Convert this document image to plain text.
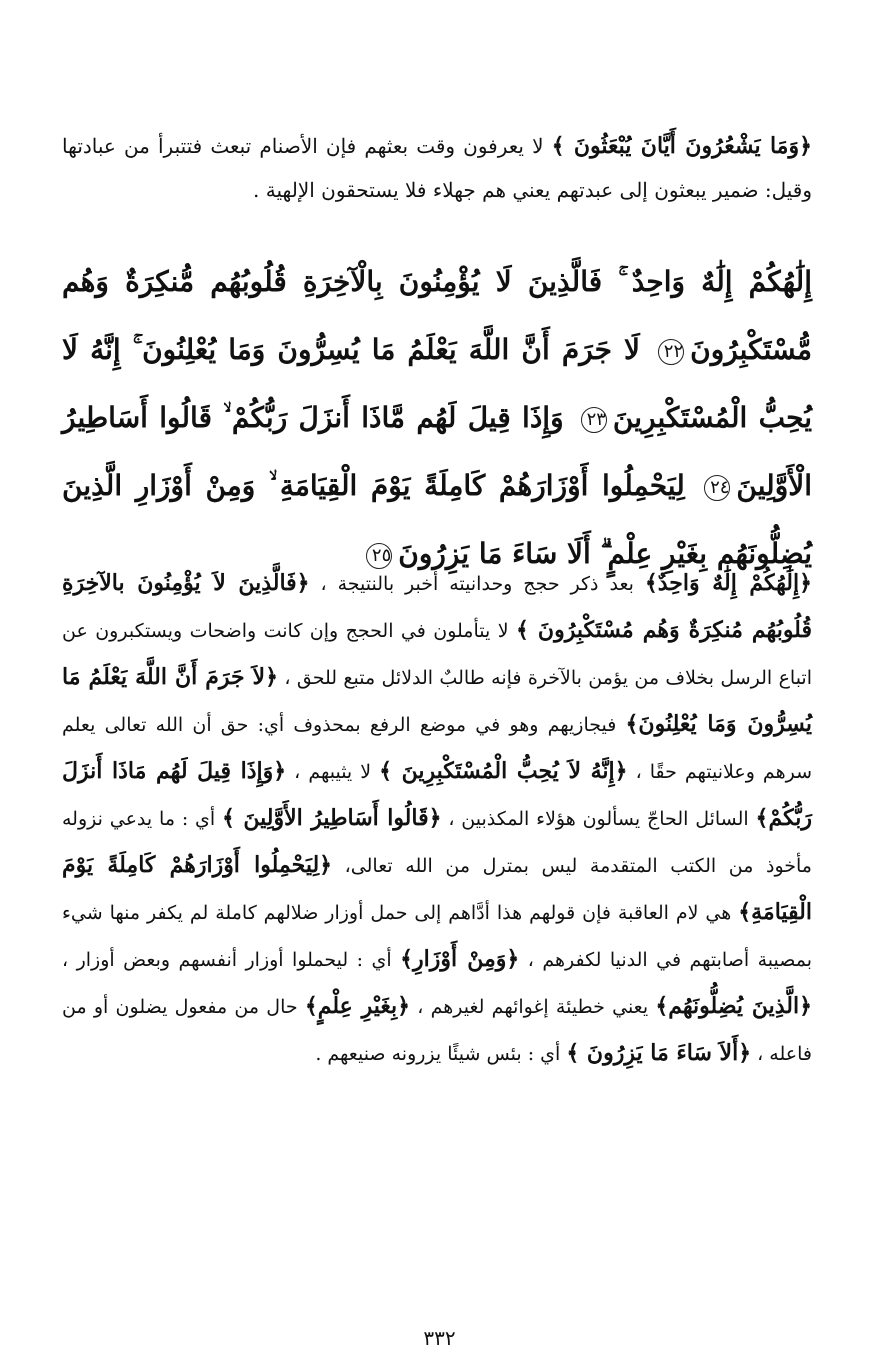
﴿وَمَا يَشْعُرُونَ أَيَّانَ يُبْعَثُونَ ﴾ لا يعرفون وقت بعثهم فإن الأصنام تبعث فتتبرأ من عبادتها وقيل: ضمير يبعثون إلى عبدتهم يعني هم جهلاء فلا يستحقون الإلهية .
إِلَٰهُكُمْ إِلَٰهٌ وَاحِدٌ ۚ فَالَّذِينَ لَا يُؤْمِنُونَ بِالْآخِرَةِ قُلُوبُهُم مُّنكِرَةٌ وَهُم مُّسْتَكْبِرُونَ٢٢ لَا جَرَمَ أَنَّ اللَّهَ يَعْلَمُ مَا يُسِرُّونَ وَمَا يُعْلِنُونَ ۚ إِنَّهُ لَا يُحِبُّ الْمُسْتَكْبِرِينَ٢٣ وَإِذَا قِيلَ لَهُم مَّاذَا أَنزَلَ رَبُّكُمْ ۙ قَالُوا أَسَاطِيرُ الْأَوَّلِينَ٢٤ لِيَحْمِلُوا أَوْزَارَهُمْ كَامِلَةً يَوْمَ الْقِيَامَةِ ۙ وَمِنْ أَوْزَارِ الَّذِينَ يُضِلُّونَهُم بِغَيْرِ عِلْمٍ ۗ أَلَا سَاءَ مَا يَزِرُونَ٢٥
﴿إِلَٰهُكُمْ إِلَٰهٌ وَاحِدٌ﴾ بعد ذكر حجج وحدانيته أخبر بالنتيجة ، ﴿فَالَّذِينَ لاَ يُؤْمِنُونَ بالآخِرَةِ قُلُوبُهُم مُنكِرَةٌ وَهُم مُسْتَكْبِرُونَ ﴾ لا يتأملون في الحجج وإن كانت واضحات ويستكبرون عن اتباع الرسل بخلاف من يؤمن بالآخرة فإنه طالبٌ الدلائل متبع للحق ، ﴿لاَ جَرَمَ أَنَّ اللَّهَ يَعْلَمُ مَا يُسِرُّونَ وَمَا يُعْلِنُونَ﴾ فيجازيهم وهو في موضع الرفع بمحذوف أي: حق أن الله تعالى يعلم سرهم وعلانيتهم حقًا ، ﴿إِنَّهُ لاَ يُحِبُّ الْمُسْتَكْبِرِينَ ﴾ لا يثيبهم ، ﴿وَإِذَا قِيلَ لَهُم مَاذَا أَنزَلَ رَبُّكُمْ﴾ السائل الحاجّ يسألون هؤلاء المكذبين ، ﴿قَالُوا أَسَاطِيرُ الأَوَّلِينَ ﴾ أي : ما يدعي نزوله مأخوذ من الكتب المتقدمة ليس بمترل من الله تعالى، ﴿لِيَحْمِلُوا أَوْزَارَهُمْ كَامِلَةً يَوْمَ الْقِيَامَةِ﴾ هي لام العاقبة فإن قولهم هذا أدَّاهم إلى حمل أوزار ضلالهم كاملة لم يكفر منها شيء بمصيبة أصابتهم في الدنيا لكفرهم ، ﴿وَمِنْ أَوْزَارِ﴾ أي : ليحملوا أوزار أنفسهم وبعض أوزار ، ﴿الَّذِينَ يُضِلُّونَهُم﴾ يعني خطيئة إغوائهم لغيرهم ، ﴿بِغَيْرِ عِلْمٍ﴾ حال من مفعول يضلون أو من فاعله ، ﴿أَلاَ سَاءَ مَا يَزِرُونَ ﴾ أي : بئس شيئًا يزرونه صنيعهم .
٣٣٢
